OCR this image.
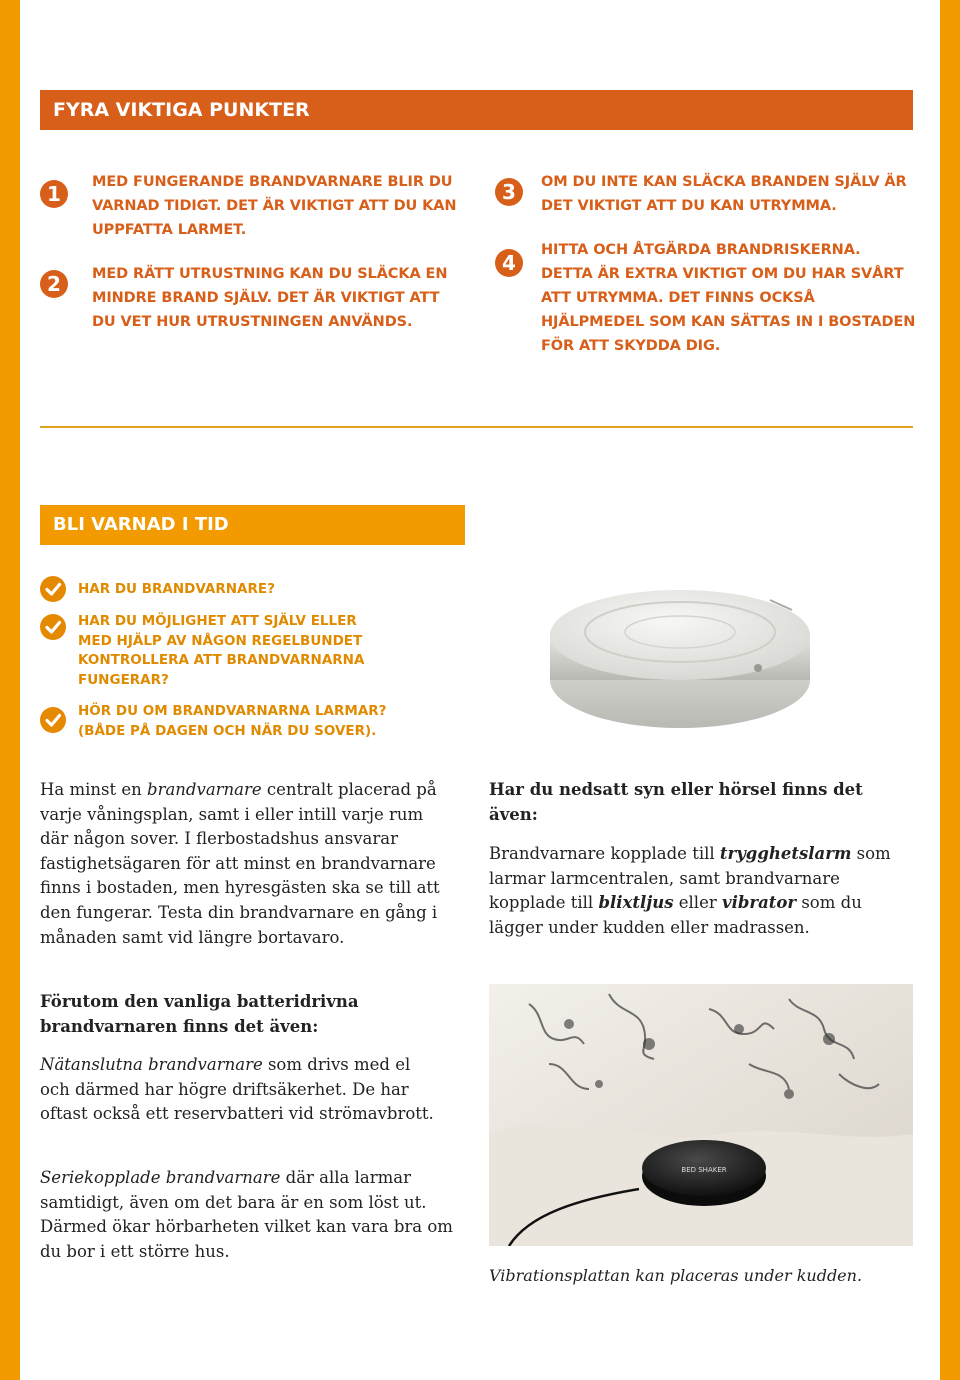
FYRA VIKTIGA PUNKTER
1	MED FUNGERANDE BRANDVARNARE BLIR DU VARNAD TIDIGT. DET ÄR VIKTIGT ATT DU KAN UPPFATTA LARMET.
2	MED RÄTT UTRUSTNING KAN DU SLÄCKA EN MINDRE BRAND SJÄLV. DET ÄR VIKTIGT ATT DU VET HUR UTRUSTNINGEN ANVÄNDS.
3	OM DU INTE KAN SLÄCKA BRANDEN SJÄLV ÄR DET VIKTIGT ATT DU KAN UTRYMMA.
4
HITTA OCH ÅTGÄRDA BRANDRISKERNA. DETTA ÄR EXTRA VIKTIGT OM DU HAR SVÅRT ATT UTRYMMA. DET FINNS OCKSÅ HJÄLPMEDEL SOM KAN SÄTTAS IN I BOSTADEN FÖR ATT SKYDDA DIG.
BLI VARNAD I TID
HAR DU BRANDVARNARE?
HAR DU MÖJLIGHET ATT SJÄLV ELLER MED HJÄLP AV NÅGON REGELBUNDET KONTROLLERA ATT BRANDVARNARNA FUNGERAR?
HÖR DU OM BRANDVARNARNA LARMAR? (BÅDE PÅ DAGEN OCH NÄR DU SOVER).

Ha minst en brandvarnare centralt placerad på varje våningsplan, samt i eller intill varje rum där någon sover. I flerbostadshus ansvarar fastighetsägaren för att minst en brandvarnare finns i bostaden, men hyresgästen ska se till att den fungerar. Testa din brandvarnare en gång i månaden samt vid längre bortavaro.

Förutom den vanliga batteridrivna brandvarnaren finns det även:

Nätanslutna brandvarnare som drivs med el och därmed har högre driftsäkerhet. De har oftast också ett reservbatteri vid strömavbrott.

Seriekopplade brandvarnare där alla larmar samtidigt, även om det bara är en som löst ut. Därmed ökar hörbarheten vilket kan vara bra om du bor i ett större hus.

Har du nedsatt syn eller hörsel finns det även:

Brandvarnare kopplade till trygghetslarm som larmar larmcentralen, samt brandvarnare kopplade till blixtljus eller vibrator som du lägger under kudden eller madrassen.

BED SHAKER

Vibrationsplattan kan placeras under kudden.
